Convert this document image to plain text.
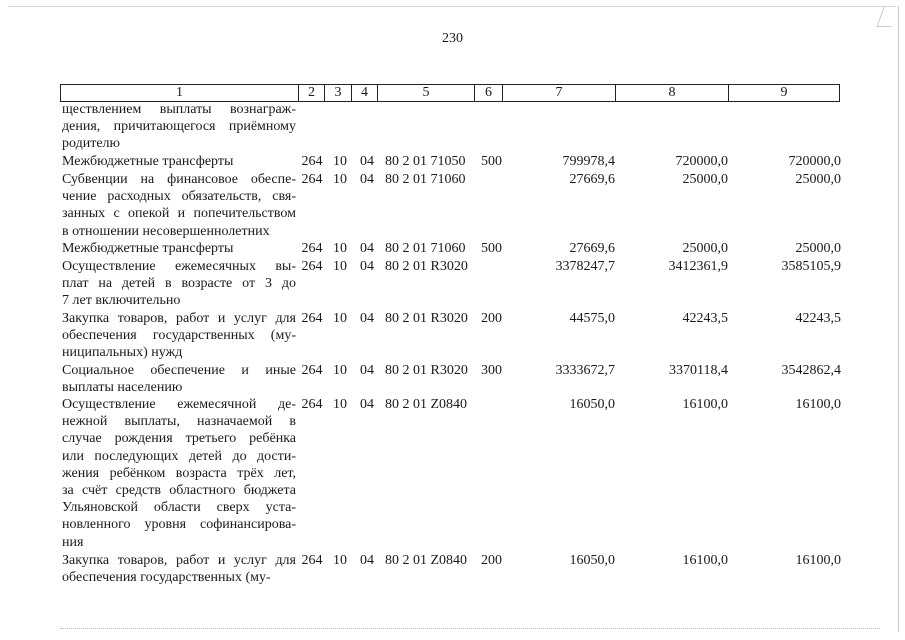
230
1	2	3	4	5	6	7	8	9
ществлением выплаты вознаграж-
дения, причитающегося приёмному
родителю
Межбюджетные трансферты	264 10 04 80 2 01 71050	500	799978,4	720000,0	720000,0
Субвенции на финансовое обеспе-
чение расходных обязательств, свя-
занных с опекой и попечительством
в отношении несовершеннолетних
264 10 04 80 2 01 71060	27669,6	25000,0	25000,0
Межбюджетные трансферты	264 10 04 80 2 01 71060	500	27669,6	25000,0	25000,0
Осуществление ежемесячных вы-
плат на детей в возрасте от 3 до
7 лет включительно
264 10 04 80 2 01 R3020	3378247,7	3412361,9	3585105,9
Закупка товаров, работ и услуг для
обеспечения государственных (му-
ниципальных) нужд
264 10 04 80 2 01 R3020 200	44575,0	42243,5	42243,5
Социальное обеспечение и иные
выплаты населению
264 10 04 80 2 01 R3020 300	3333672,7	3370118,4	3542862,4
Осуществление ежемесячной де-
нежной выплаты, назначаемой в
случае рождения третьего ребёнка
или последующих детей до дости-
жения ребёнком возраста трёх лет,
за счёт средств областного бюджета
Ульяновской области сверх уста-
новленного уровня софинансирова-
ния
264 10 04 80 2 01 Z0840	16050,0	16100,0	16100,0
Закупка товаров, работ и услуг для
обеспечения государственных (му-
264 10 04 80 2 01 Z0840 200	16050,0	16100,0	16100,0
